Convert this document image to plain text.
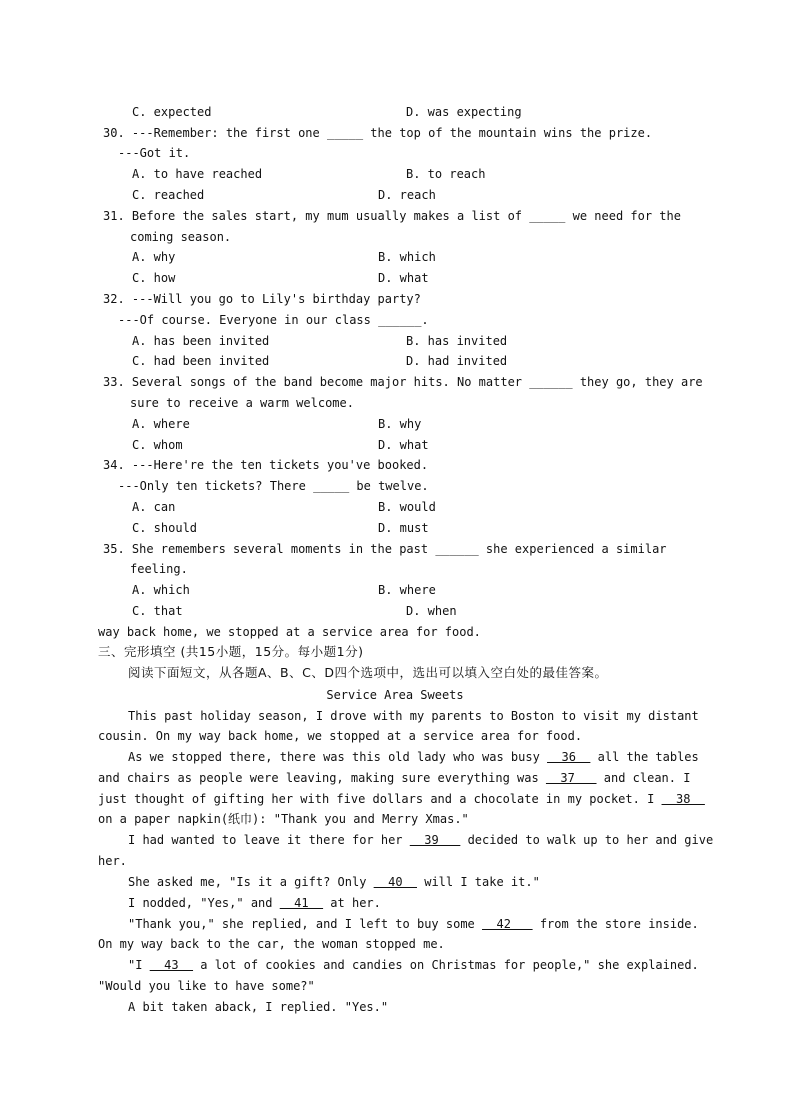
C. expected	D. was expecting
30. ---Remember: the first one _____ the top of the mountain wins the prize.
---Got it.
A. to have reached	B. to reach
C. reached	D. reach
31. Before the sales start, my mum usually makes a list of _____ we need for the
coming season.
A. why	B. which
C. how	D. what
32. ---Will you go to Lily's birthday party?
---Of course. Everyone in our class ______.
A. has been invited	B. has invited
C. had been invited	D. had invited
33. Several songs of the band become major hits. No matter ______ they go, they are
sure to receive a warm welcome.
A. where	B. why
C. whom	D. what
34. ---Here're the ten tickets you've booked.
---Only ten tickets? There _____ be twelve.
A. can	B. would
C. should	D. must
35. She remembers several moments in the past ______ she experienced a similar
feeling.
A. which	B. where
C. that	D. when
way back home, we stopped at a service area for food.
三、完形填空 (共15小题，15分。每小题1分)
阅读下面短文，从各题A、B、C、D四个选项中，选出可以填入空白处的最佳答案。
Service Area Sweets
This past holiday season, I drove with my parents to Boston to visit my distant
cousin. On my way back home, we stopped at a service area for food.
As we stopped there, there was this old lady who was busy   36   all the tables
and chairs as people were leaving, making sure everything was   37    and clean. I
just thought of gifting her with five dollars and a chocolate in my pocket. I   38
on a paper napkin(纸巾): "Thank you and Merry Xmas."
I had wanted to leave it there for her   39    decided to walk up to her and give
her.
She asked me, "Is it a gift? Only   40   will I take it."
I nodded, "Yes," and   41   at her.
"Thank you," she replied, and I left to buy some   42    from the store inside.
On my way back to the car, the woman stopped me.
"I   43   a lot of cookies and candies on Christmas for people," she explained.
"Would you like to have some?"
A bit taken aback, I replied. "Yes."
